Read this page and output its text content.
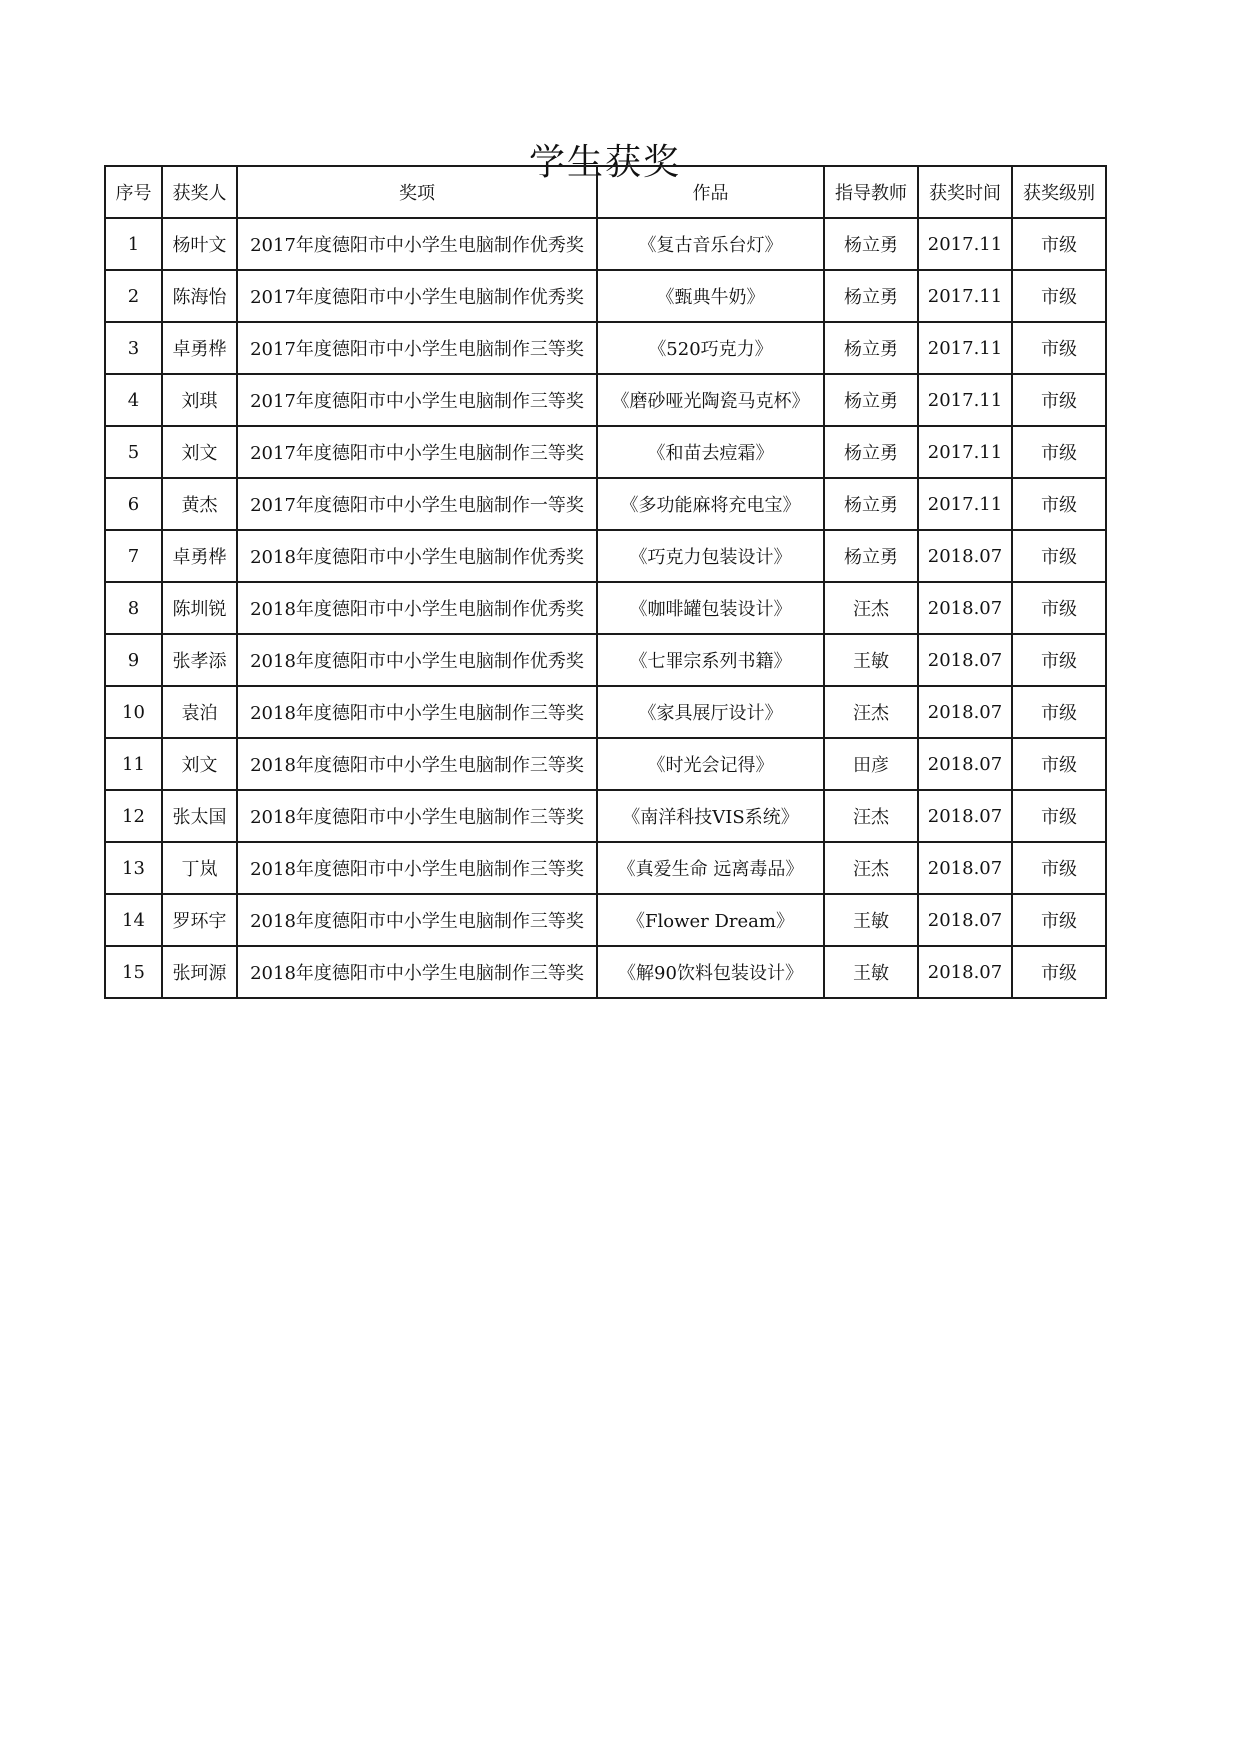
学生获奖
序号	获奖人	奖项	作品	指导教师	获奖时间	获奖级别
1	杨叶文	2017年度德阳市中小学生电脑制作优秀奖	《复古音乐台灯》	杨立勇	2017.11	市级
2	陈海怡	2017年度德阳市中小学生电脑制作优秀奖	《甄典牛奶》	杨立勇	2017.11	市级
3	卓勇桦	2017年度德阳市中小学生电脑制作三等奖	《520巧克力》	杨立勇	2017.11	市级
4	刘琪	2017年度德阳市中小学生电脑制作三等奖	《磨砂哑光陶瓷马克杯》	杨立勇	2017.11	市级
5	刘文	2017年度德阳市中小学生电脑制作三等奖	《和苗去痘霜》	杨立勇	2017.11	市级
6	黄杰	2017年度德阳市中小学生电脑制作一等奖	《多功能麻将充电宝》	杨立勇	2017.11	市级
7	卓勇桦	2018年度德阳市中小学生电脑制作优秀奖	《巧克力包装设计》	杨立勇	2018.07	市级
8	陈圳锐	2018年度德阳市中小学生电脑制作优秀奖	《咖啡罐包装设计》	汪杰	2018.07	市级
9	张孝添	2018年度德阳市中小学生电脑制作优秀奖	《七罪宗系列书籍》	王敏	2018.07	市级
10	袁泊	2018年度德阳市中小学生电脑制作三等奖	《家具展厅设计》	汪杰	2018.07	市级
11	刘文	2018年度德阳市中小学生电脑制作三等奖	《时光会记得》	田彦	2018.07	市级
12	张太国	2018年度德阳市中小学生电脑制作三等奖	《南洋科技VIS系统》	汪杰	2018.07	市级
13	丁岚	2018年度德阳市中小学生电脑制作三等奖	《真爱生命 远离毒品》	汪杰	2018.07	市级
14	罗环宇	2018年度德阳市中小学生电脑制作三等奖	《Flower Dream》	王敏	2018.07	市级
15	张珂源	2018年度德阳市中小学生电脑制作三等奖	《解90饮料包装设计》	王敏	2018.07	市级
